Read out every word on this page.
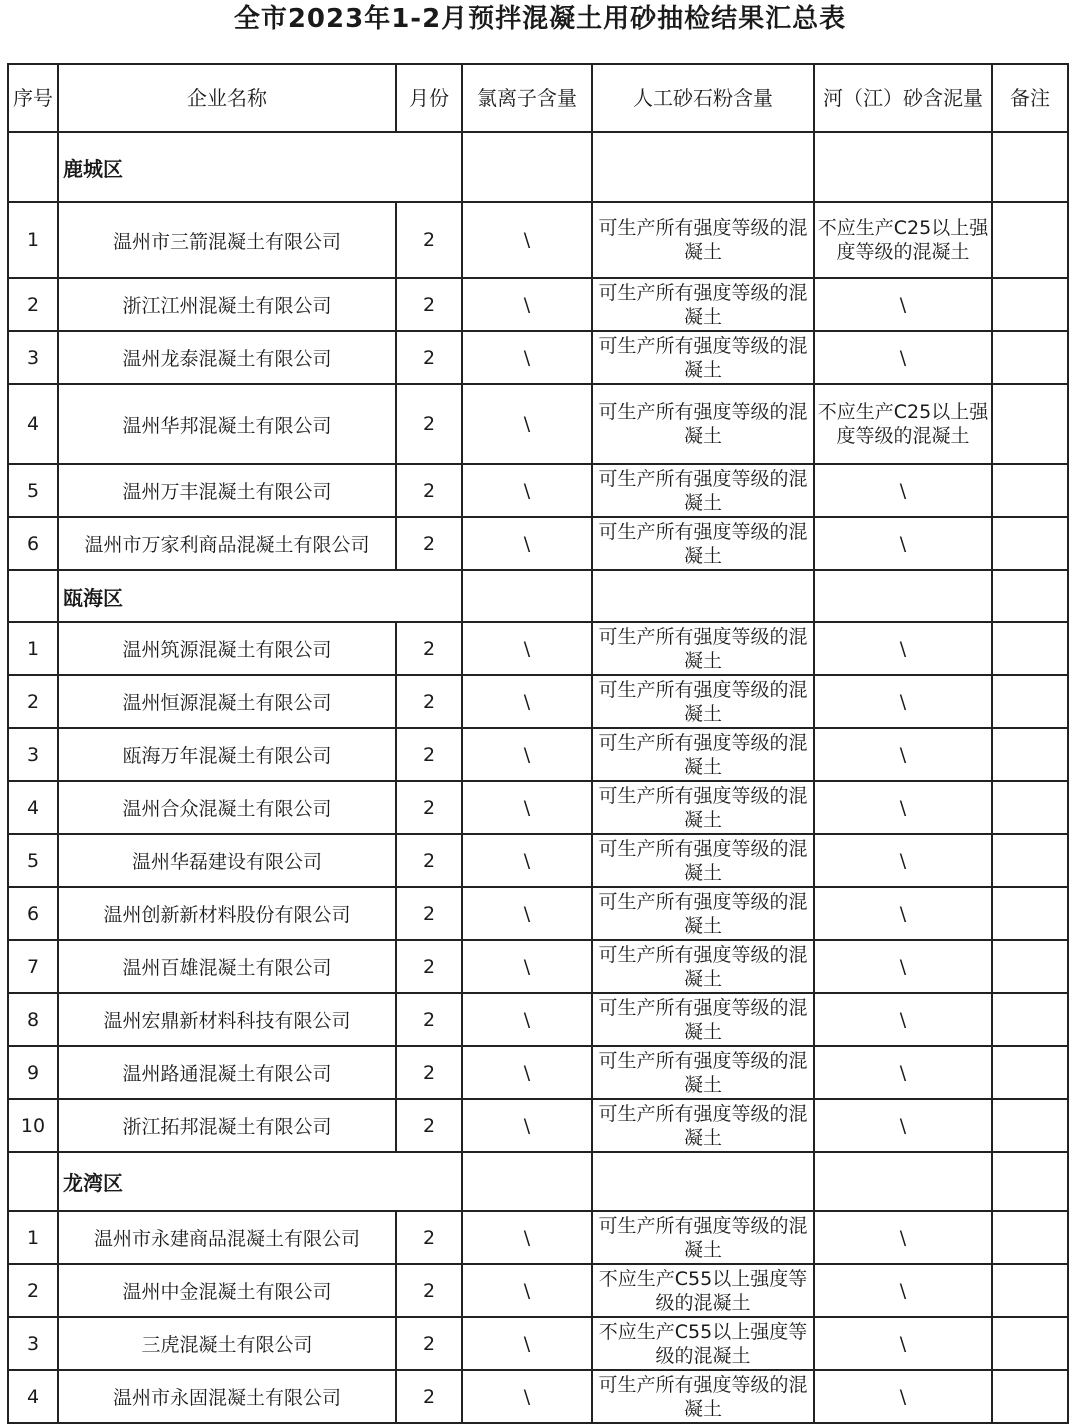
全市2023年1-2月预拌混凝土用砂抽检结果汇总表
序号	企业名称	月份	氯离子含量	人工砂石粉含量	河（江）砂含泥量	备注
	鹿城区					
1	温州市三箭混凝土有限公司	2	\	可生产所有强度等级的混凝土	不应生产C25以上强度等级的混凝土	
2	浙江江州混凝土有限公司	2	\	可生产所有强度等级的混凝土	\	
3	温州龙泰混凝土有限公司	2	\	可生产所有强度等级的混凝土	\	
4	温州华邦混凝土有限公司	2	\	可生产所有强度等级的混凝土	不应生产C25以上强度等级的混凝土	
5	温州万丰混凝土有限公司	2	\	可生产所有强度等级的混凝土	\	
6	温州市万家利商品混凝土有限公司	2	\	可生产所有强度等级的混凝土	\	
	瓯海区					
1	温州筑源混凝土有限公司	2	\	可生产所有强度等级的混凝土	\	
2	温州恒源混凝土有限公司	2	\	可生产所有强度等级的混凝土	\	
3	瓯海万年混凝土有限公司	2	\	可生产所有强度等级的混凝土	\	
4	温州合众混凝土有限公司	2	\	可生产所有强度等级的混凝土	\	
5	温州华磊建设有限公司	2	\	可生产所有强度等级的混凝土	\	
6	温州创新新材料股份有限公司	2	\	可生产所有强度等级的混凝土	\	
7	温州百雄混凝土有限公司	2	\	可生产所有强度等级的混凝土	\	
8	温州宏鼎新材料科技有限公司	2	\	可生产所有强度等级的混凝土	\	
9	温州路通混凝土有限公司	2	\	可生产所有强度等级的混凝土	\	
10	浙江拓邦混凝土有限公司	2	\	可生产所有强度等级的混凝土	\	
	龙湾区					
1	温州市永建商品混凝土有限公司	2	\	可生产所有强度等级的混凝土	\	
2	温州中金混凝土有限公司	2	\	不应生产C55以上强度等级的混凝土	\	
3	三虎混凝土有限公司	2	\	不应生产C55以上强度等级的混凝土	\	
4	温州市永固混凝土有限公司	2	\	可生产所有强度等级的混凝土	\	
